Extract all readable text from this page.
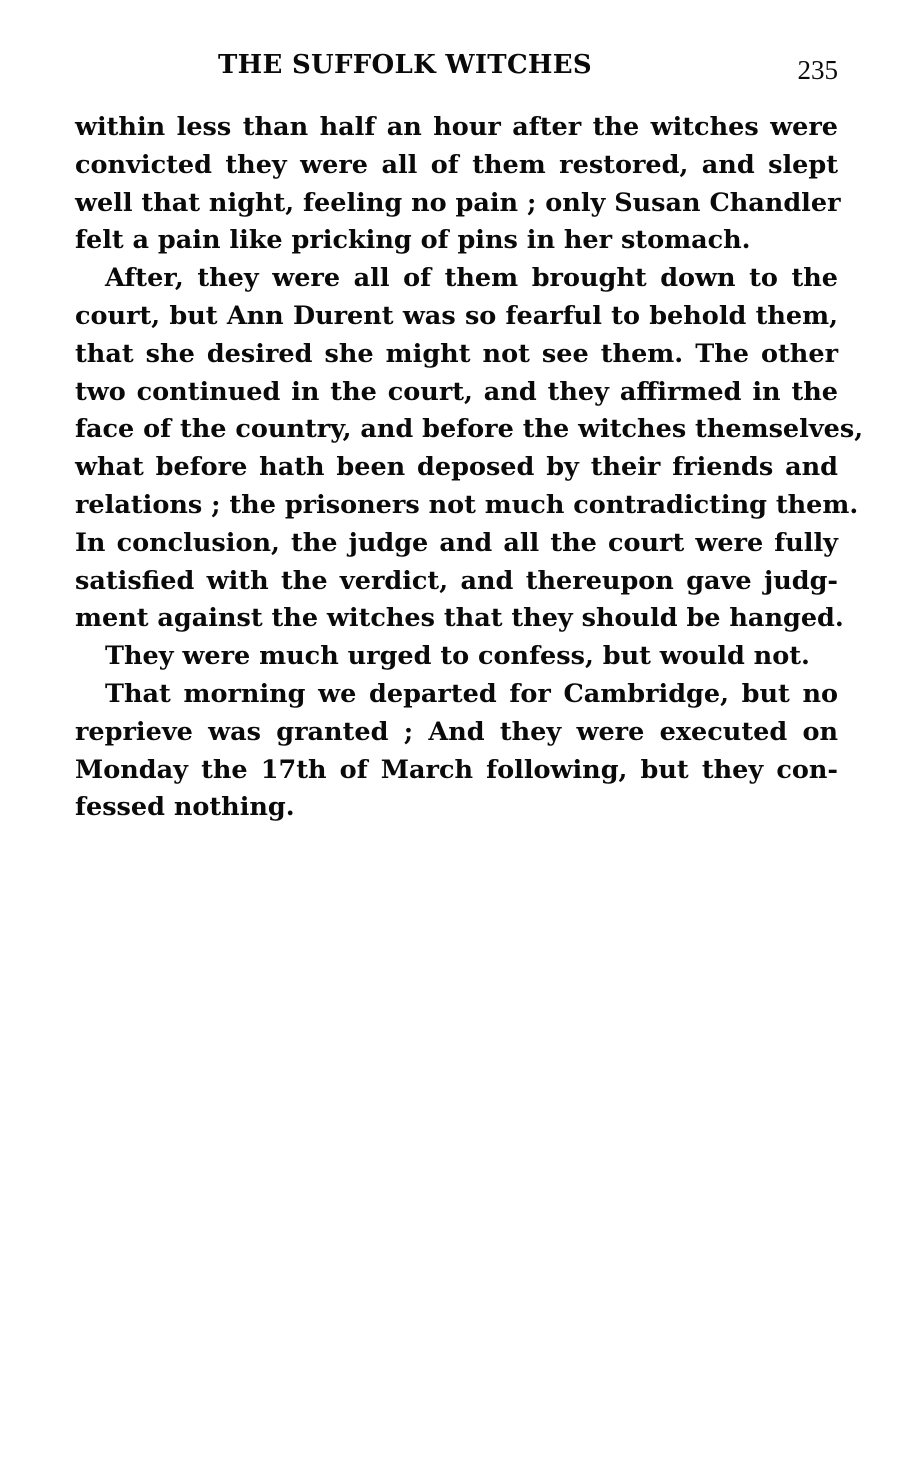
THE SUFFOLK WITCHES	235
within less than half an hour after the witches were
convicted they were all of them restored, and slept
well that night, feeling no pain ; only Susan Chandler
felt a pain like pricking of pins in her stomach.
After, they were all of them brought down to the
court, but Ann Durent was so fearful to behold them,
that she desired she might not see them. The other
two continued in the court, and they affirmed in the
face of the country, and before the witches themselves,
what before hath been deposed by their friends and
relations ; the prisoners not much contradicting them.
In conclusion, the judge and all the court were fully
satisfied with the verdict, and thereupon gave judg-
ment against the witches that they should be hanged.
They were much urged to confess, but would not.
That morning we departed for Cambridge, but no
reprieve was granted ; And they were executed on
Monday the 17th of March following, but they con-
fessed nothing.
